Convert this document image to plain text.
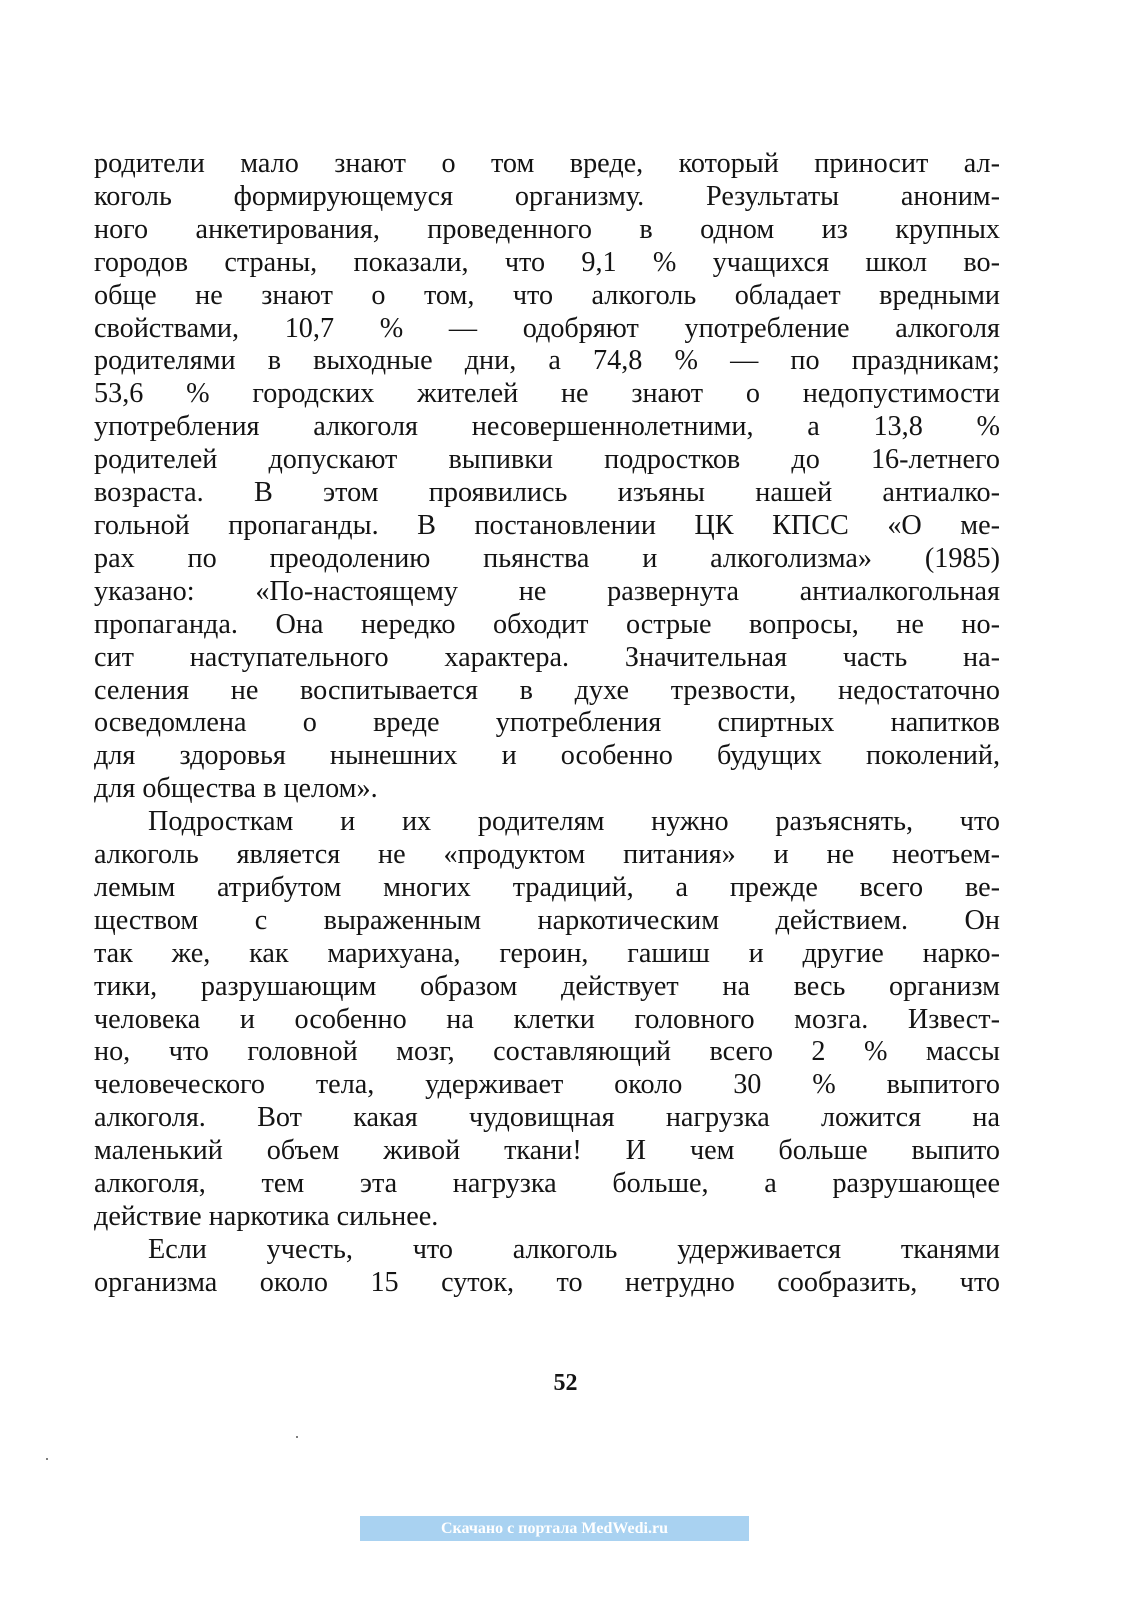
родители мало знают о том вреде, который приносит ал-
коголь формирующемуся организму. Результаты аноним-
ного анкетирования, проведенного в одном из крупных
городов страны, показали, что 9,1 % учащихся школ во-
обще не знают о том, что алкоголь обладает вредными
свойствами, 10,7 % — одобряют употребление алкоголя
родителями в выходные дни, а 74,8 % — по праздникам;
53,6 % городских жителей не знают о недопустимости
употребления алкоголя несовершеннолетними, а 13,8 %
родителей допускают выпивки подростков до 16-летнего
возраста. В этом проявились изъяны нашей антиалко-
гольной пропаганды. В постановлении ЦК КПСС «О ме-
рах по преодолению пьянства и алкоголизма» (1985)
указано: «По-настоящему не развернута антиалкогольная
пропаганда. Она нередко обходит острые вопросы, не но-
сит наступательного характера. Значительная часть на-
селения не воспитывается в духе трезвости, недостаточно
осведомлена о вреде употребления спиртных напитков
для здоровья нынешних и особенно будущих поколений,
для общества в целом».
Подросткам и их родителям нужно разъяснять, что
алкоголь является не «продуктом питания» и не неотъем-
лемым атрибутом многих традиций, а прежде всего ве-
ществом с выраженным наркотическим действием. Он
так же, как марихуана, героин, гашиш и другие нарко-
тики, разрушающим образом действует на весь организм
человека и особенно на клетки головного мозга. Извест-
но, что головной мозг, составляющий всего 2 % массы
человеческого тела, удерживает около 30 % выпитого
алкоголя. Вот какая чудовищная нагрузка ложится на
маленький объем живой ткани! И чем больше выпито
алкоголя, тем эта нагрузка больше, а разрушающее
действие наркотика сильнее.
Если учесть, что алкоголь удерживается тканями
организма около 15 суток, то нетрудно сообразить, что
52
Скачано с портала MedWedi.ru
